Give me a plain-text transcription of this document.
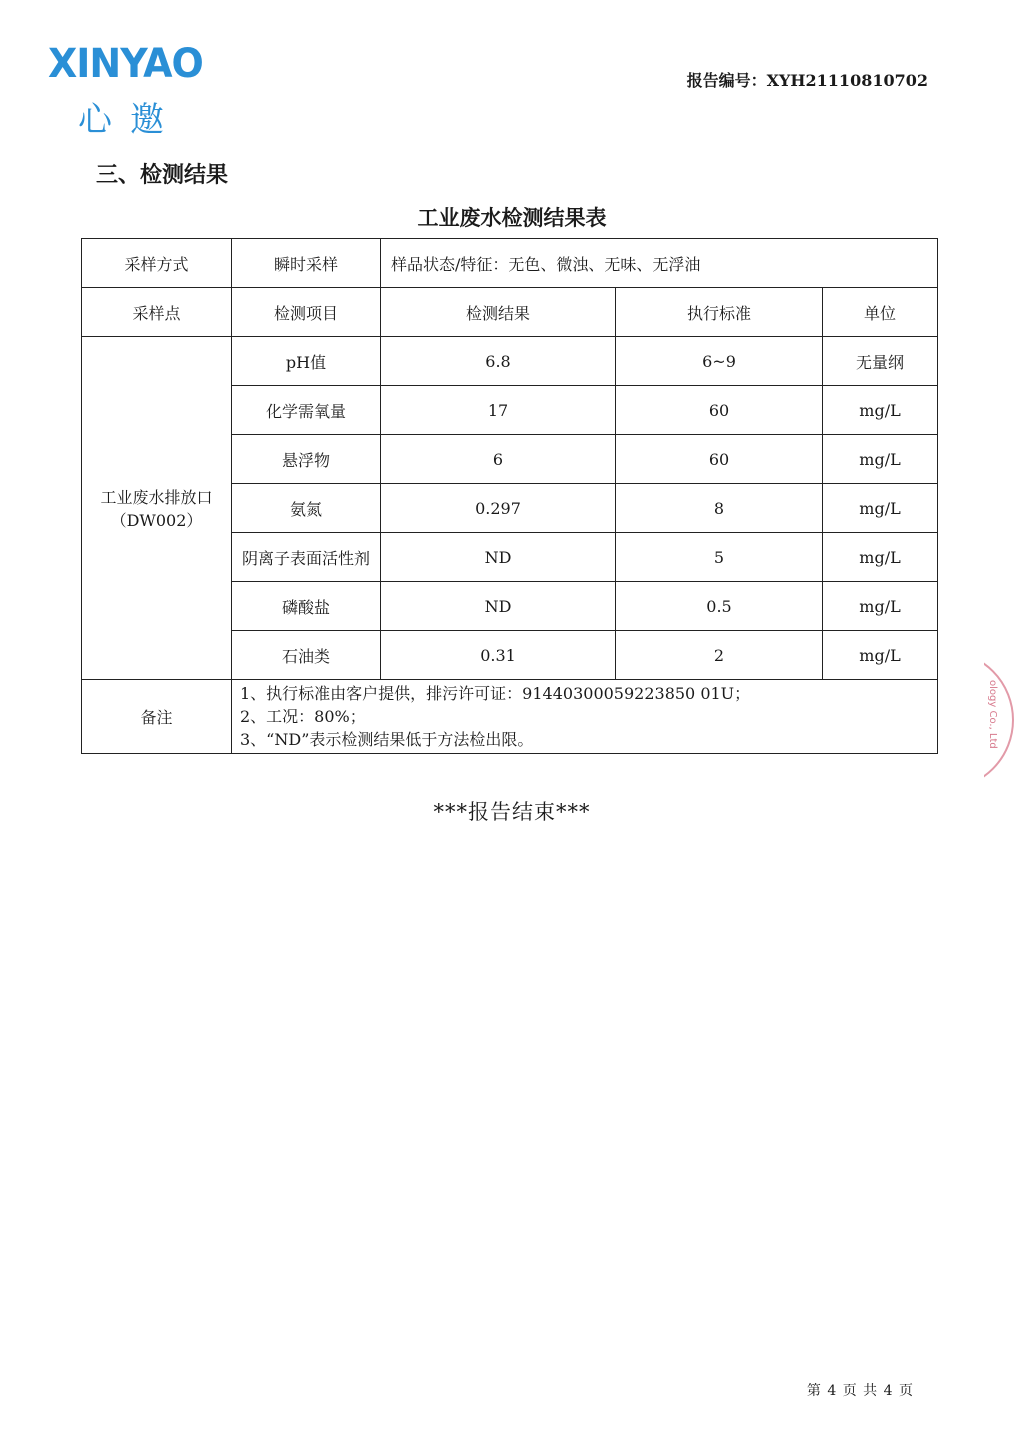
XINYAO
心邀
报告编号：XYH21110810702
三、检测结果
工业废水检测结果表
采样方式	瞬时采样	样品状态/特征：无色、微浊、无味、无浮油		
采样点	检测项目	检测结果	执行标准	单位

工业废水排放口
（DW002）	pH值	6.8	6~9	无量纲
	化学需氧量	17	60	mg/L
	悬浮物	6	60	mg/L
	氨氮	0.297	8	mg/L
	阴离子表面活性剂	ND	5	mg/L
	磷酸盐	ND	0.5	mg/L
	石油类	0.31	2	mg/L
备注	1、执行标准由客户提供，排污许可证：91440300059223850 01U；
2、工况：80%；
3、“ND”表示检测结果低于方法检出限。			
***报告结束***
ology Co., Ltd
第 4 页 共 4 页
